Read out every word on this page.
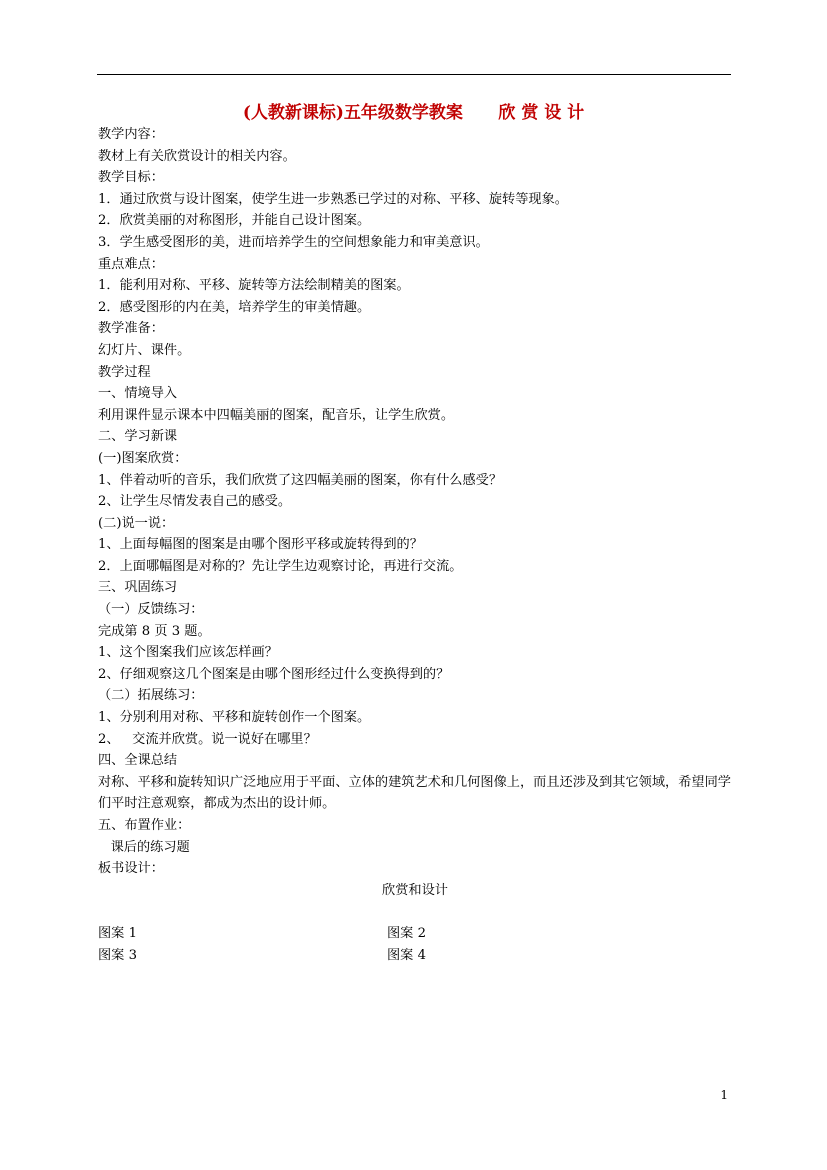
(人教新课标)五年级数学教案      欣 赏 设 计
教学内容：
教材上有关欣赏设计的相关内容。
教学目标：
1．通过欣赏与设计图案，使学生进一步熟悉已学过的对称、平移、旋转等现象。
2．欣赏美丽的对称图形，并能自己设计图案。
3．学生感受图形的美，进而培养学生的空间想象能力和审美意识。
重点难点：
1．能利用对称、平移、旋转等方法绘制精美的图案。
2．感受图形的内在美，培养学生的审美情趣。
教学准备：
幻灯片、课件。
教学过程
一、情境导入
利用课件显示课本中四幅美丽的图案，配音乐，让学生欣赏。
二、学习新课
(一)图案欣赏：
1、伴着动听的音乐，我们欣赏了这四幅美丽的图案，你有什么感受？
2、让学生尽情发表自己的感受。
(二)说一说：
1、上面每幅图的图案是由哪个图形平移或旋转得到的？
2．上面哪幅图是对称的？先让学生边观察讨论，再进行交流。
三、巩固练习
（一）反馈练习：
完成第 8 页 3 题。
1、这个图案我们应该怎样画？
2、仔细观察这几个图案是由哪个图形经过什么变换得到的？
（二）拓展练习：
1、分别利用对称、平移和旋转创作一个图案。
2、   交流并欣赏。说一说好在哪里？
四、全课总结
对称、平移和旋转知识广泛地应用于平面、立体的建筑艺术和几何图像上，而且还涉及到其它领域，希望同学们平时注意观察，都成为杰出的设计师。
五、布置作业：
课后的练习题
板书设计：
欣赏和设计
图案 1	图案 2
图案 3	图案 4
1
